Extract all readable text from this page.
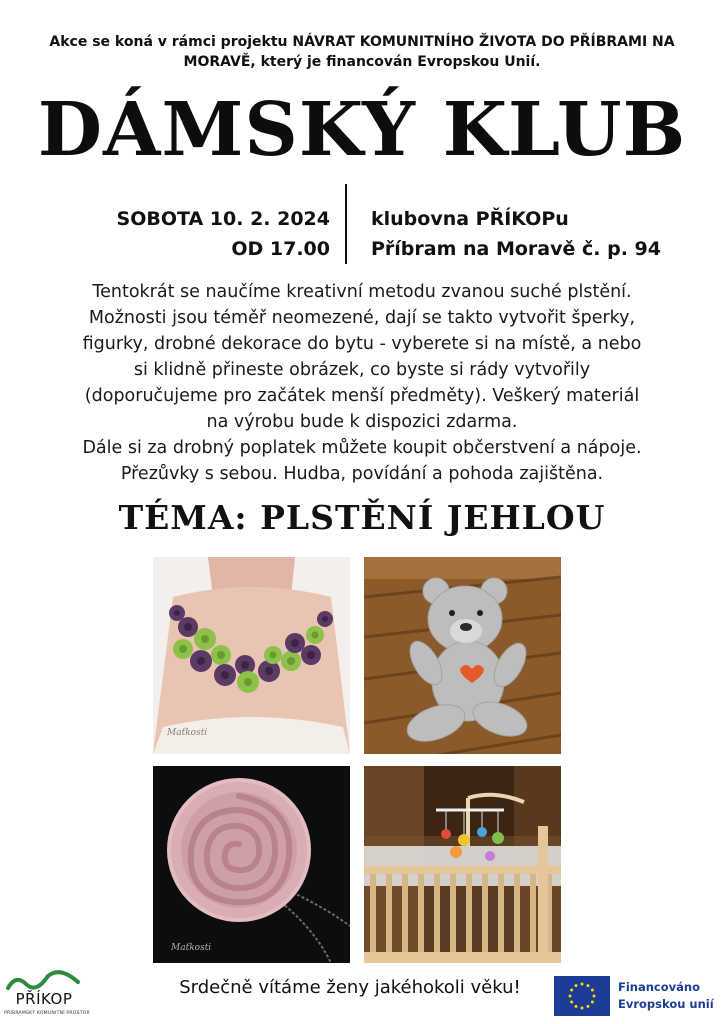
Akce se koná v rámci projektu NÁVRAT KOMUNITNÍHO ŽIVOTA DO PŘÍBRAMI NA
MORAVĚ, který je financován Evropskou Unií.
DÁMSKÝ KLUB
SOBOTA 10. 2. 2024
OD 17.00
klubovna PŘÍKOPu
Příbram na Moravě č. p. 94

Tentokrát se naučíme kreativní metodu zvanou suché plstění.

Možnosti jsou téměř neomezené, dají se takto vytvořit šperky,

figurky, drobné dekorace do bytu - vyberete si na místě, a nebo

si klidně přineste obrázek, co byste si rády vytvořily

(doporučujeme pro začátek menší předměty). Veškerý materiál

na výrobu bude k dispozici zdarma.

Dále si za drobný poplatek můžete koupit občerstvení a nápoje.

Přezůvky s sebou. Hudba, povídání a pohoda zajištěna.

TÉMA: PLSTĚNÍ JEHLOU
Maťkosti
Maťkosti
Srdečně vítáme ženy jakéhokoli věku!
PŘÍKOP
PŘÍBRAMSKÝ KOMUNITNÍ PROSTOR
Financováno
Evropskou unií
